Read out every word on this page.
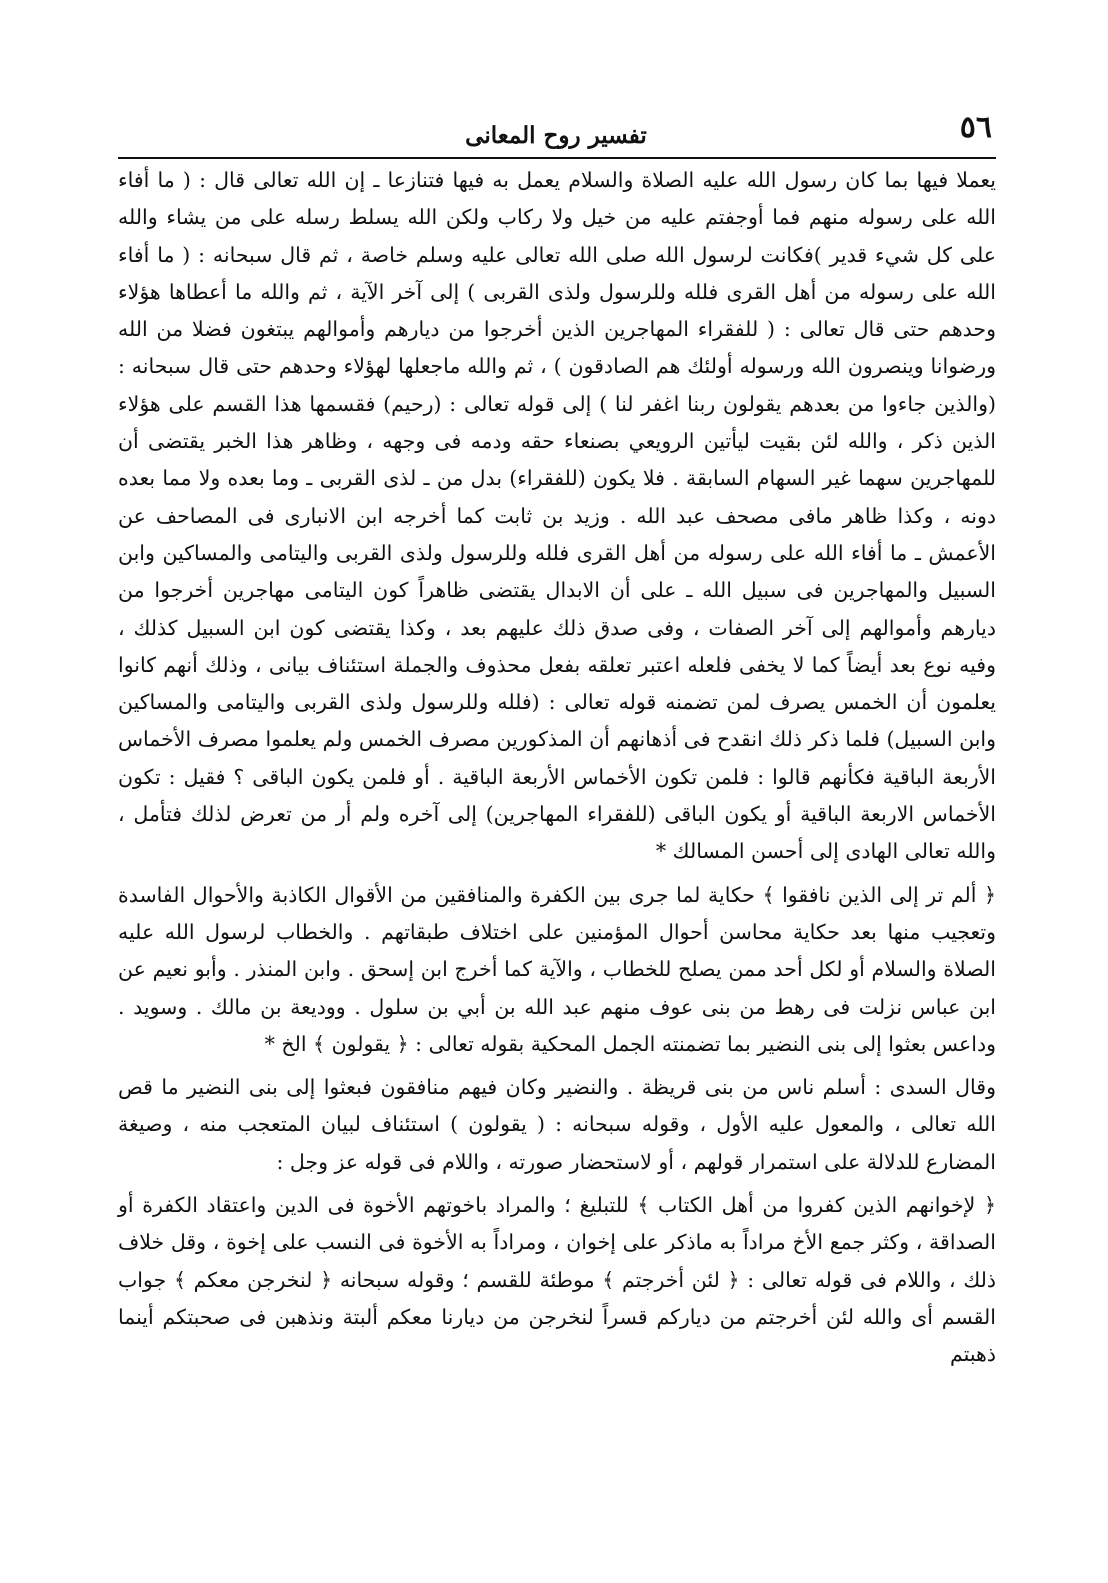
٥٦
تفسير روح المعانى

يعملا فيها بما كان رسول الله عليه الصلاة والسلام يعمل به فيها فتنازعا ـ إن الله تعالى قال : ( ما أفاء الله على رسوله منهم فما أوجفتم عليه من خيل ولا ركاب ولكن الله يسلط رسله على من يشاء والله على كل شيء قدير )فكانت لرسول الله صلى الله تعالى عليه وسلم خاصة ، ثم قال سبحانه : ( ما أفاء الله على رسوله من أهل القرى فلله وللرسول ولذى القربى ) إلى آخر الآية ، ثم والله ما أعطاها هؤلاء وحدهم حتى قال تعالى : ( للفقراء المهاجرين الذين أخرجوا من ديارهم وأموالهم يبتغون فضلا من الله ورضوانا وينصرون الله ورسوله أولئك هم الصادقون ) ، ثم والله ماجعلها لهؤلاء وحدهم حتى قال سبحانه : (والذين جاءوا من بعدهم يقولون ربنا اغفر لنا ) إلى قوله تعالى : (رحيم) فقسمها هذا القسم على هؤلاء الذين ذكر ، والله لئن بقيت ليأتين الرويعي بصنعاء حقه ودمه فى وجهه ، وظاهر هذا الخبر يقتضى أن للمهاجرين سهما غير السهام السابقة . فلا يكون (للفقراء) بدل من ـ لذى القربى ـ وما بعده ولا مما بعده دونه ، وكذا ظاهر مافى مصحف عبد الله . وزيد بن ثابت كما أخرجه ابن الانبارى فى المصاحف عن الأعمش ـ ما أفاء الله على رسوله من أهل القرى فلله وللرسول ولذى القربى واليتامى والمساكين وابن السبيل والمهاجرين فى سبيل الله ـ على أن الابدال يقتضى ظاهراً كون اليتامى مهاجرين أخرجوا من ديارهم وأموالهم إلى آخر الصفات ، وفى صدق ذلك عليهم بعد ، وكذا يقتضى كون ابن السبيل كذلك ، وفيه نوع بعد أيضاً كما لا يخفى فلعله اعتبر تعلقه بفعل محذوف والجملة استئناف بيانى ، وذلك أنهم كانوا يعلمون أن الخمس يصرف لمن تضمنه قوله تعالى : (فلله وللرسول ولذى القربى واليتامى والمساكين وابن السبيل) فلما ذكر ذلك انقدح فى أذهانهم أن المذكورين مصرف الخمس ولم يعلموا مصرف الأخماس الأربعة الباقية فكأنهم قالوا : فلمن تكون الأخماس الأربعة الباقية . أو فلمن يكون الباقى ؟ فقيل : تكون الأخماس الاربعة الباقية أو يكون الباقى (للفقراء المهاجرين) إلى آخره ولم أر من تعرض لذلك فتأمل ، والله تعالى الهادى إلى أحسن المسالك *

﴿ ألم تر إلى الذين نافقوا ﴾ حكاية لما جرى بين الكفرة والمنافقين من الأقوال الكاذبة والأحوال الفاسدة وتعجيب منها بعد حكاية محاسن أحوال المؤمنين على اختلاف طبقاتهم . والخطاب لرسول الله عليه الصلاة والسلام أو لكل أحد ممن يصلح للخطاب ، والآية كما أخرج ابن إسحق . وابن المنذر . وأبو نعيم عن ابن عباس نزلت فى رهط من بنى عوف منهم عبد الله بن أبي بن سلول . ووديعة بن مالك . وسويد . وداعس بعثوا إلى بنى النضير بما تضمنته الجمل المحكية بقوله تعالى : ﴿ يقولون ﴾ الخ *

وقال السدى : أسلم ناس من بنى قريظة . والنضير وكان فيهم منافقون فبعثوا إلى بنى النضير ما قص الله تعالى ، والمعول عليه الأول ، وقوله سبحانه : ( يقولون ) استئناف لبيان المتعجب منه ، وصيغة المضارع للدلالة على استمرار قولهم ، أو لاستحضار صورته ، واللام فى قوله عز وجل :

﴿ لإخوانهم الذين كفروا من أهل الكتاب ﴾ للتبليغ ؛ والمراد باخوتهم الأخوة فى الدين واعتقاد الكفرة أو الصداقة ، وكثر جمع الأخ مراداً به ماذكر على إخوان ، ومراداً به الأخوة فى النسب على إخوة ، وقل خلاف ذلك ، واللام فى قوله تعالى : ﴿ لئن أخرجتم ﴾ موطئة للقسم ؛ وقوله سبحانه ﴿ لنخرجن معكم ﴾ جواب القسم أى والله لئن أخرجتم من دياركم قسراً لنخرجن من ديارنا معكم ألبتة ونذهبن فى صحبتكم أينما ذهبتم
